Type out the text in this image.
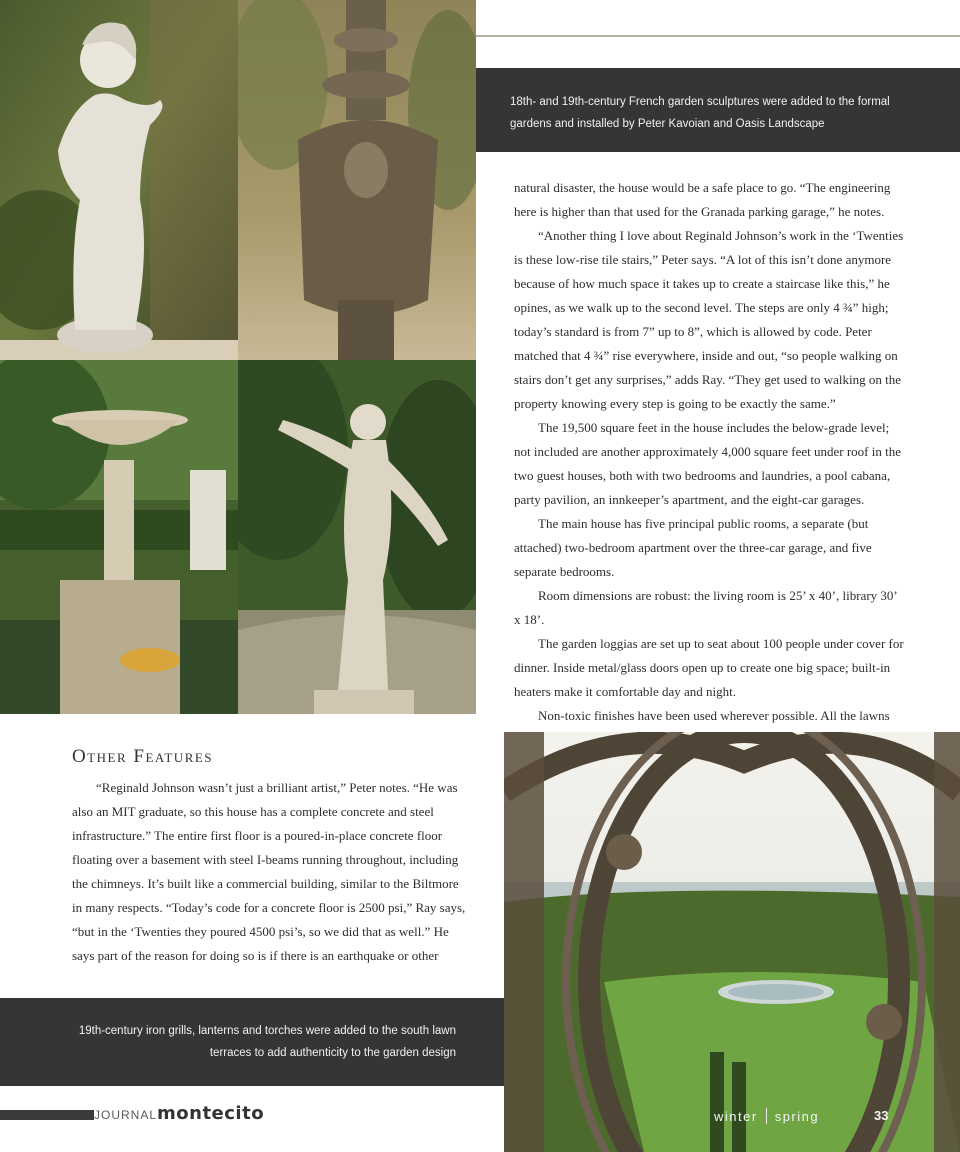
18th- and 19th-century French garden sculptures were added to the formal
gardens and installed by Peter Kavoian and Oasis Landscape

natural disaster, the house would be a safe place to go. “The engineering here is higher than that used for the Granada parking garage,” he notes.

“Another thing I love about Reginald Johnson’s work in the ‘Twenties is these low-rise tile stairs,” Peter says. “A lot of this isn’t done anymore because of how much space it takes up to create a staircase like this,” he opines, as we walk up to the second level. The steps are only 4 ¾” high; today’s standard is from 7” up to 8”, which is allowed by code. Peter matched that 4 ¾” rise everywhere, inside and out, “so people walking on stairs don’t get any surprises,” adds Ray. “They get used to walking on the property knowing every step is going to be exactly the same.”

The 19,500 square feet in the house includes the below-grade level; not included are another approximately 4,000 square feet under roof in the two guest houses, both with two bedrooms and laundries, a pool cabana, party pavilion, an innkeeper’s apartment, and the eight-car garages.

The main house has five principal public rooms, a separate (but attached) two-bedroom apartment over the three-car garage, and five separate bedrooms.

Room dimensions are robust: the living room is 25’ x 40’, library 30’ x 18’.

The garden loggias are set up to seat about 100 people under cover for dinner. Inside metal/glass doors open up to create one big space; built-in heaters make it comfortable day and night.

Non-toxic finishes have been used wherever possible. All the lawns

Other Features

“Reginald Johnson wasn’t just a brilliant artist,” Peter notes. “He was also an MIT graduate, so this house has a complete concrete and steel infrastructure.” The entire first floor is a poured-in-place concrete floor floating over a basement with steel I-beams running throughout, including the chimneys. It’s built like a commercial building, similar to the Biltmore in many respects. “Today’s code for a concrete floor is 2500 psi,” Ray says, “but in the ‘Twenties they poured 4500 psi’s, so we did that as well.” He says part of the reason for doing so is if there is an earthquake or other

19th-century iron grills, lanterns and torches were added to the south lawn
terraces to add authenticity to the garden design
JOURNALmontecito	winter spring	33
